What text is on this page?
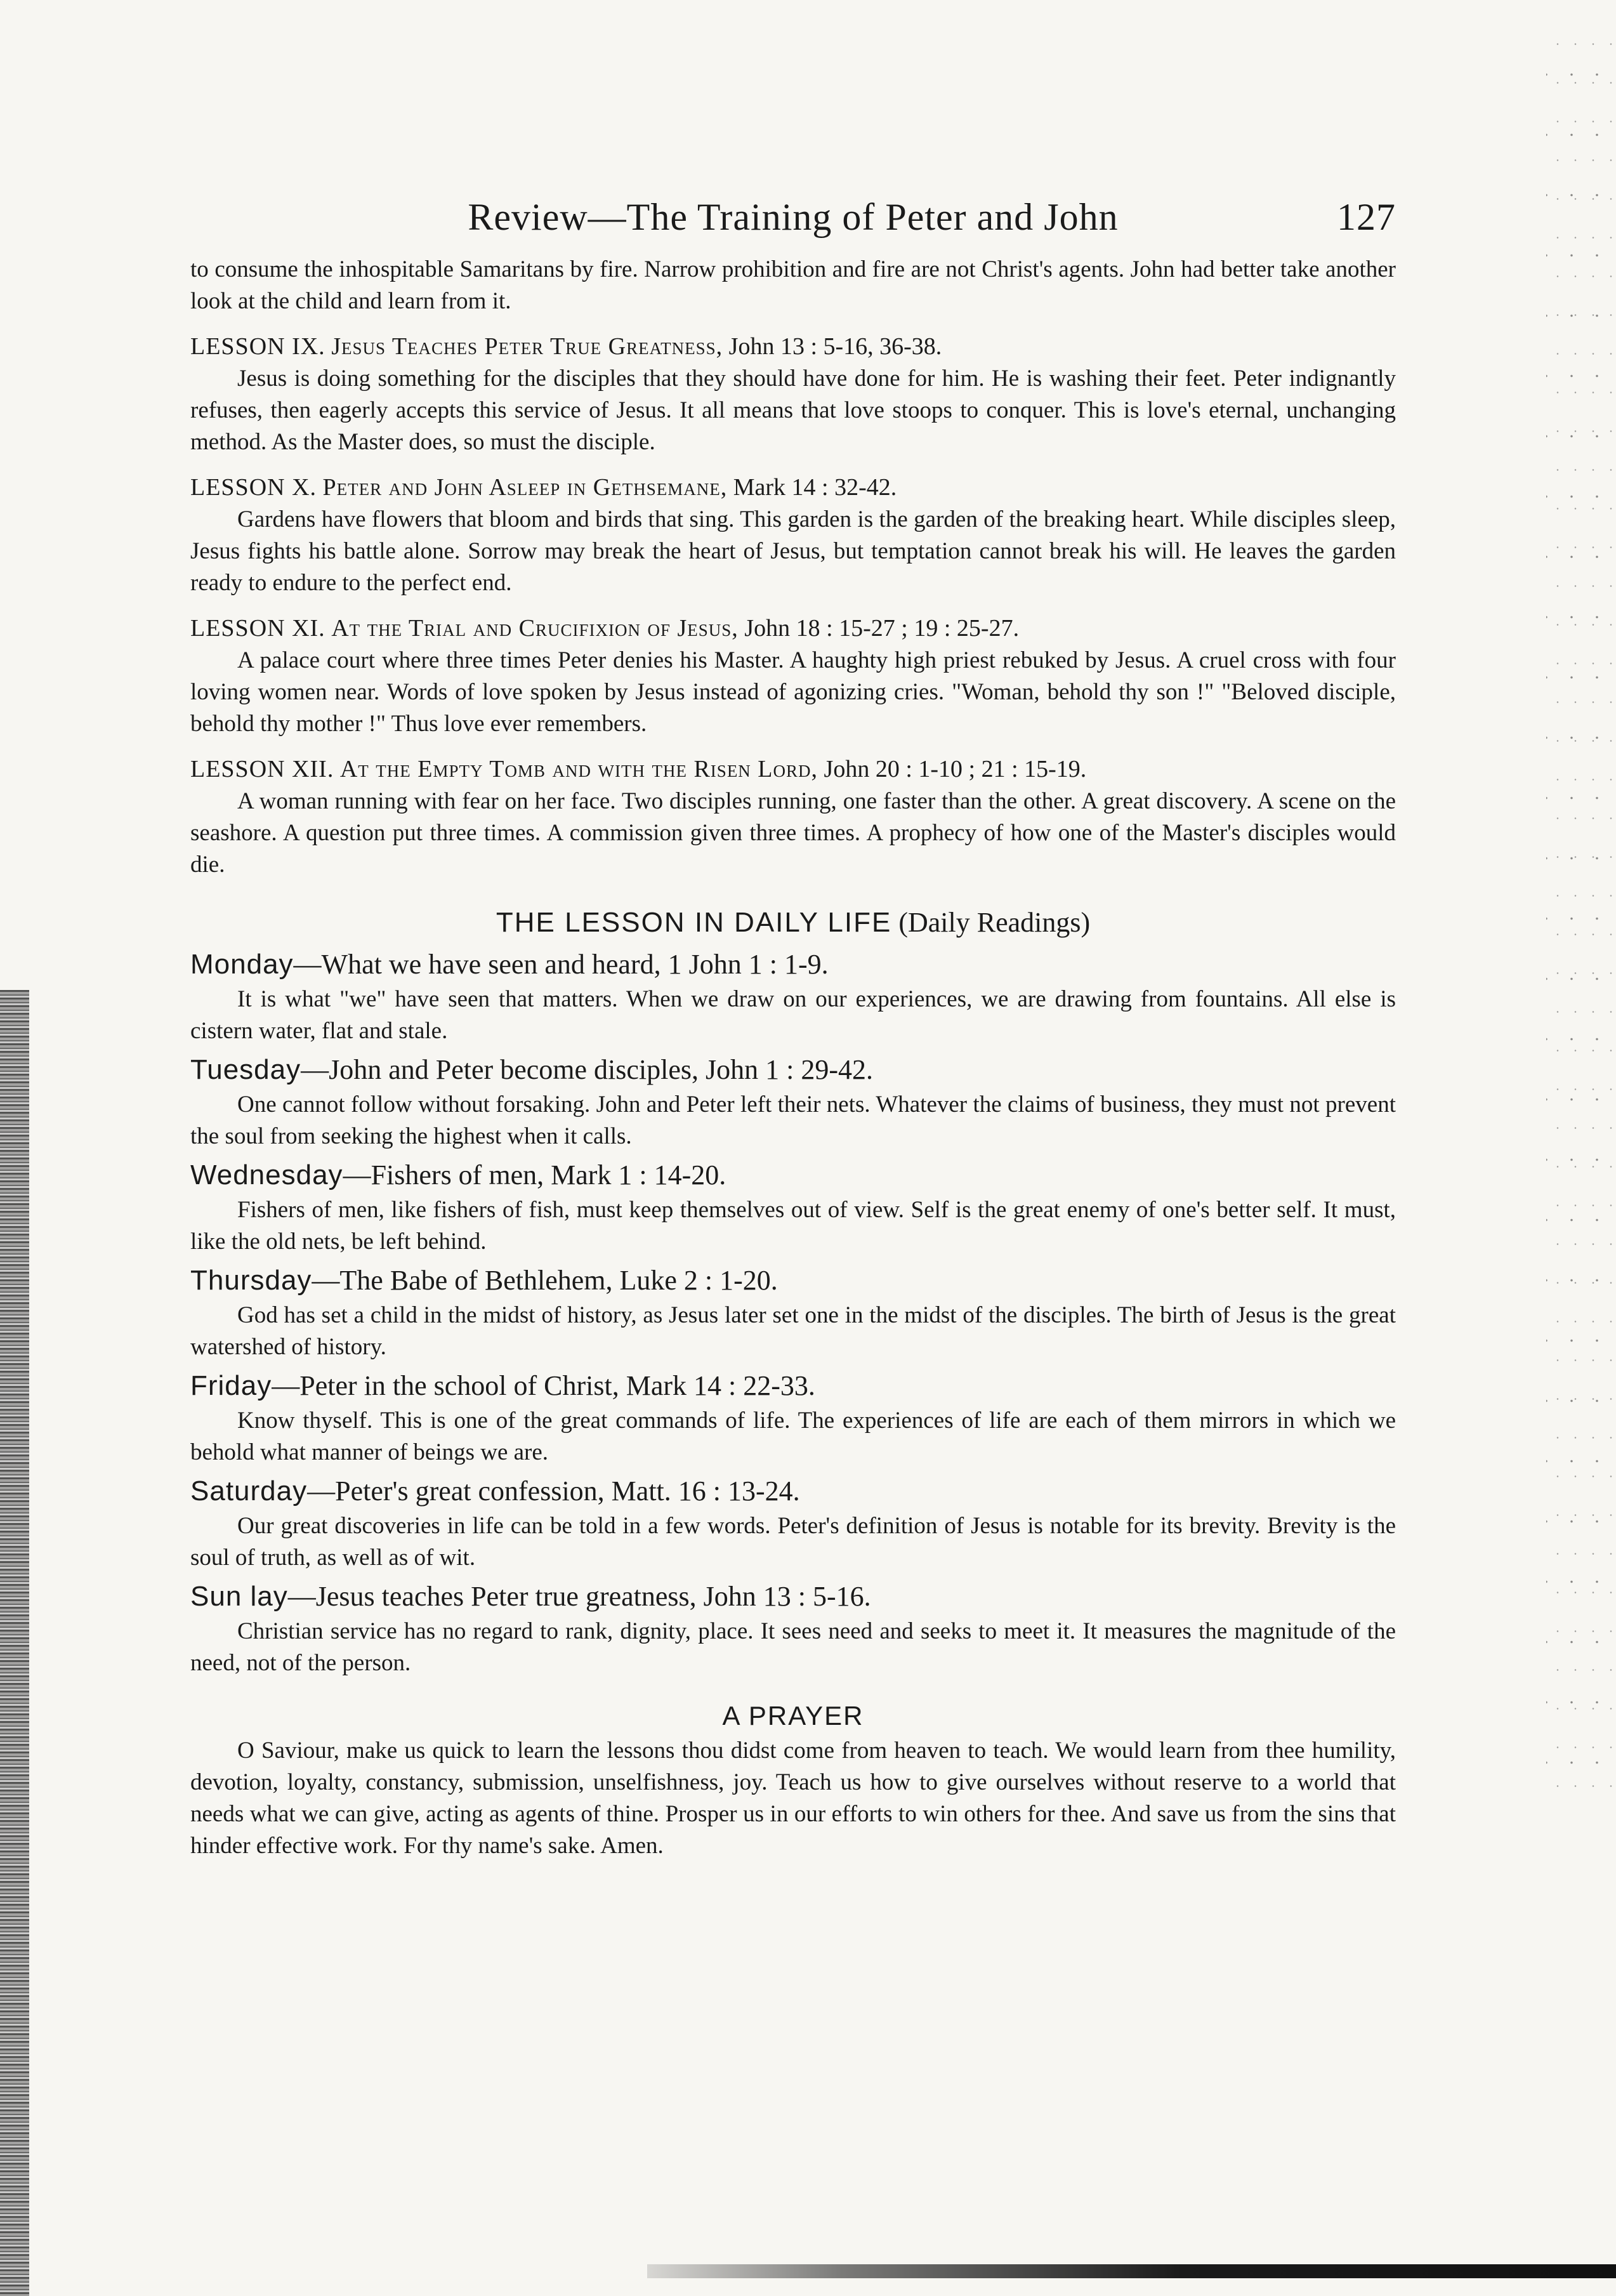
Review—The Training of Peter and John	127

to consume the inhospitable Samaritans by fire. Narrow prohibition and fire are not Christ's agents. John had better take another look at the child and learn from it.

LESSON IX. Jesus Teaches Peter True Greatness, John 13 : 5-16, 36-38.

Jesus is doing something for the disciples that they should have done for him. He is washing their feet. Peter indignantly refuses, then eagerly accepts this service of Jesus. It all means that love stoops to conquer. This is love's eternal, unchanging method. As the Master does, so must the disciple.

LESSON X. Peter and John Asleep in Gethsemane, Mark 14 : 32-42.

Gardens have flowers that bloom and birds that sing. This garden is the garden of the breaking heart. While disciples sleep, Jesus fights his battle alone. Sorrow may break the heart of Jesus, but temptation cannot break his will. He leaves the garden ready to endure to the perfect end.

LESSON XI. At the Trial and Crucifixion of Jesus, John 18 : 15-27 ; 19 : 25-27.

A palace court where three times Peter denies his Master. A haughty high priest rebuked by Jesus. A cruel cross with four loving women near. Words of love spoken by Jesus instead of agonizing cries. "Woman, behold thy son !" "Beloved disciple, behold thy mother !" Thus love ever remembers.

LESSON XII. At the Empty Tomb and with the Risen Lord, John 20 : 1-10 ; 21 : 15-19.

A woman running with fear on her face. Two disciples running, one faster than the other. A great discovery. A scene on the seashore. A question put three times. A commission given three times. A prophecy of how one of the Master's disciples would die.

THE LESSON IN DAILY LIFE (Daily Readings)

Monday—What we have seen and heard, 1 John 1 : 1-9.

It is what "we" have seen that matters. When we draw on our experiences, we are drawing from fountains. All else is cistern water, flat and stale.

Tuesday—John and Peter become disciples, John 1 : 29-42.

One cannot follow without forsaking. John and Peter left their nets. Whatever the claims of business, they must not prevent the soul from seeking the highest when it calls.

Wednesday—Fishers of men, Mark 1 : 14-20.

Fishers of men, like fishers of fish, must keep themselves out of view. Self is the great enemy of one's better self. It must, like the old nets, be left behind.

Thursday—The Babe of Bethlehem, Luke 2 : 1-20.

God has set a child in the midst of history, as Jesus later set one in the midst of the disciples. The birth of Jesus is the great watershed of history.

Friday—Peter in the school of Christ, Mark 14 : 22-33.

Know thyself. This is one of the great commands of life. The experiences of life are each of them mirrors in which we behold what manner of beings we are.

Saturday—Peter's great confession, Matt. 16 : 13-24.

Our great discoveries in life can be told in a few words. Peter's definition of Jesus is notable for its brevity. Brevity is the soul of truth, as well as of wit.

Sun lay—Jesus teaches Peter true greatness, John 13 : 5-16.

Christian service has no regard to rank, dignity, place. It sees need and seeks to meet it. It measures the magnitude of the need, not of the person.

A PRAYER

O Saviour, make us quick to learn the lessons thou didst come from heaven to teach. We would learn from thee humility, devotion, loyalty, constancy, submission, unselfishness, joy. Teach us how to give ourselves without reserve to a world that needs what we can give, acting as agents of thine. Prosper us in our efforts to win others for thee. And save us from the sins that hinder effective work. For thy name's sake. Amen.
